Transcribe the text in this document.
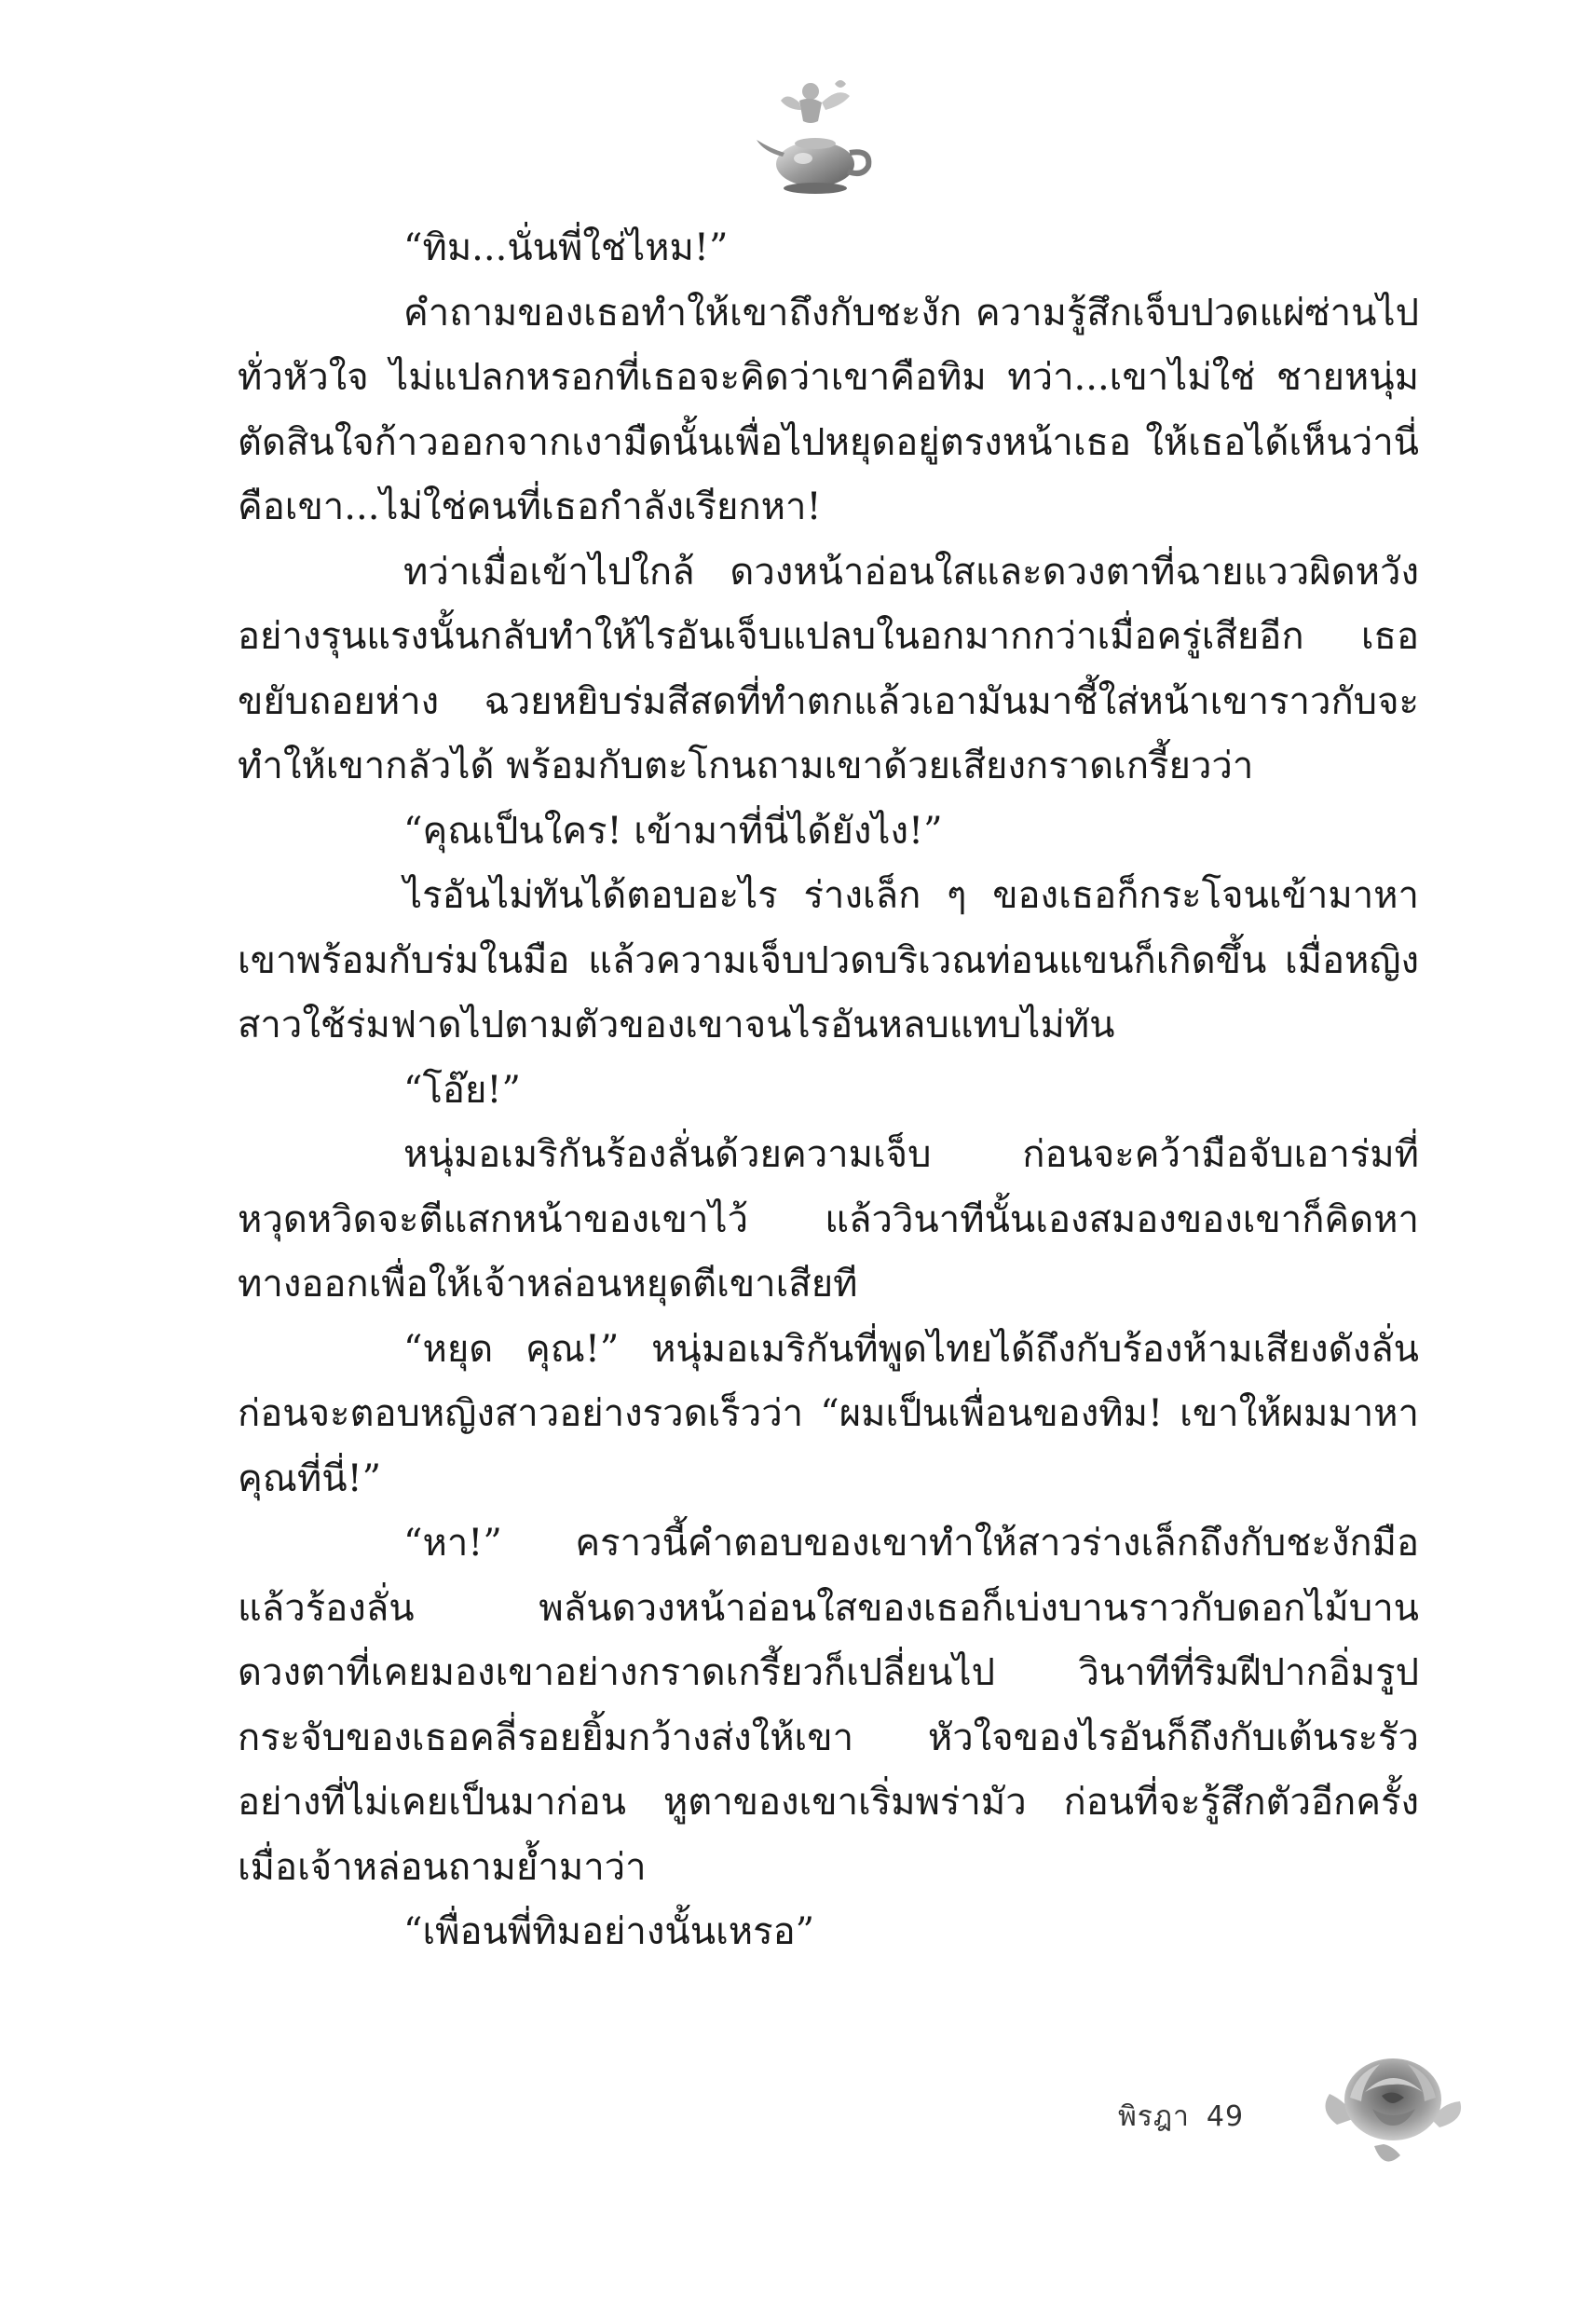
“ทิม...นั่นพี่ใช่ไหม!”

คำถามของเธอทำให้เขาถึงกับชะงัก ความรู้สึกเจ็บปวดแผ่ซ่านไปทั่วหัวใจ ไม่แปลกหรอกที่เธอจะคิดว่าเขาคือทิม ทว่า...เขาไม่ใช่ ชายหนุ่มตัดสินใจก้าวออกจากเงามืดนั้นเพื่อไปหยุดอยู่ตรงหน้าเธอ ให้เธอได้เห็นว่านี่คือเขา...ไม่ใช่คนที่เธอกำลังเรียกหา!

ทว่าเมื่อเข้าไปใกล้ ดวงหน้าอ่อนใสและดวงตาที่ฉายแววผิดหวังอย่างรุนแรงนั้นกลับทำให้ไรอันเจ็บแปลบในอกมากกว่าเมื่อครู่เสียอีก เธอขยับถอยห่าง ฉวยหยิบร่มสีสดที่ทำตกแล้วเอามันมาชี้ใส่หน้าเขาราวกับจะทำให้เขากลัวได้ พร้อมกับตะโกนถามเขาด้วยเสียงกราดเกรี้ยวว่า

“คุณเป็นใคร! เข้ามาที่นี่ได้ยังไง!”

ไรอันไม่ทันได้ตอบอะไร ร่างเล็ก ๆ ของเธอก็กระโจนเข้ามาหาเขาพร้อมกับร่มในมือ แล้วความเจ็บปวดบริเวณท่อนแขนก็เกิดขึ้น เมื่อหญิงสาวใช้ร่มฟาดไปตามตัวของเขาจนไรอันหลบแทบไม่ทัน

“โอ๊ย!”

หนุ่มอเมริกันร้องลั่นด้วยความเจ็บ ก่อนจะคว้ามือจับเอาร่มที่หวุดหวิดจะตีแสกหน้าของเขาไว้ แล้ววินาทีนั้นเองสมองของเขาก็คิดหาทางออกเพื่อให้เจ้าหล่อนหยุดตีเขาเสียที

“หยุด คุณ!” หนุ่มอเมริกันที่พูดไทยได้ถึงกับร้องห้ามเสียงดังลั่น ก่อนจะตอบหญิงสาวอย่างรวดเร็วว่า “ผมเป็นเพื่อนของทิม! เขาให้ผมมาหาคุณที่นี่!”

“หา!” คราวนี้คำตอบของเขาทำให้สาวร่างเล็กถึงกับชะงักมือแล้วร้องลั่น พลันดวงหน้าอ่อนใสของเธอก็เบ่งบานราวกับดอกไม้บาน ดวงตาที่เคยมองเขาอย่างกราดเกรี้ยวก็เปลี่ยนไป วินาทีที่ริมฝีปากอิ่มรูปกระจับของเธอคลี่รอยยิ้มกว้างส่งให้เขา หัวใจของไรอันก็ถึงกับเต้นระรัวอย่างที่ไม่เคยเป็นมาก่อน หูตาของเขาเริ่มพร่ามัว ก่อนที่จะรู้สึกตัวอีกครั้งเมื่อเจ้าหล่อนถามย้ำมาว่า

“เพื่อนพี่ทิมอย่างนั้นเหรอ”

พิรฎา 49
